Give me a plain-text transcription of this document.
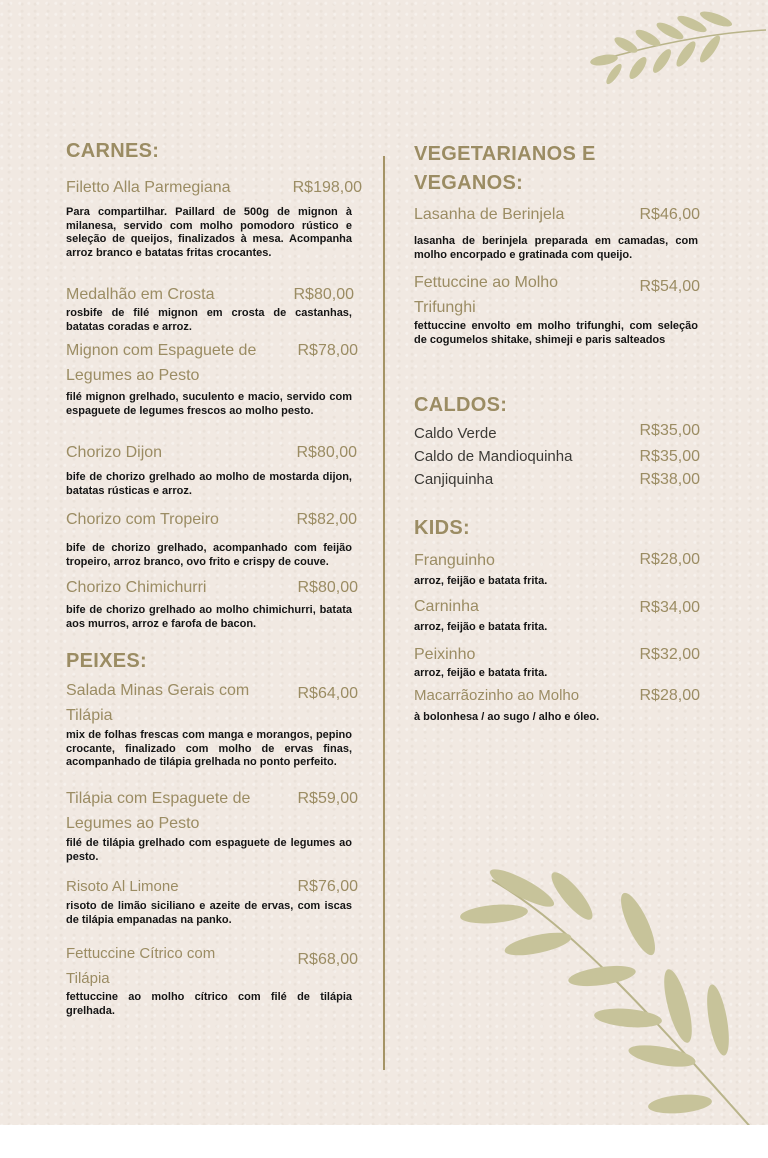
CARNES:
Filetto Alla Parmegiana	R$198,00
Para compartilhar. Paillard de 500g de mignon à milanesa, servido com molho pomodoro rústico e seleção de queijos, finalizados à mesa. Acompanha arroz branco e batatas fritas crocantes.
Medalhão em Crosta	R$80,00
rosbife de filé mignon em crosta de castanhas, batatas coradas e arroz.
Mignon com Espaguete de Legumes ao Pesto
R$78,00
filé mignon grelhado, suculento e macio, servido com espaguete de legumes frescos ao molho pesto.
Chorizo Dijon	R$80,00
bife de chorizo grelhado ao molho de mostarda dijon, batatas rústicas e arroz.
Chorizo com Tropeiro	R$82,00
bife de chorizo grelhado, acompanhado com feijão tropeiro, arroz branco, ovo frito e crispy de couve.
Chorizo Chimichurri	R$80,00
bife de chorizo grelhado ao molho chimichurri, batata aos murros, arroz e farofa de bacon.
PEIXES:
Salada Minas Gerais com Tilápia
R$64,00
mix de folhas frescas com manga e morangos, pepino crocante, finalizado com molho de ervas finas, acompanhado de tilápia grelhada no ponto perfeito.
Tilápia com Espaguete de Legumes ao Pesto
R$59,00
filé de tilápia grelhado com espaguete de legumes ao pesto.
Risoto Al Limone	R$76,00
risoto de limão siciliano e azeite de ervas, com iscas de tilápia empanadas na panko.
Fettuccine Cítrico com Tilápia
R$68,00
fettuccine ao molho cítrico com filé de tilápia grelhada.
VEGETARIANOS E VEGANOS:
Lasanha de Berinjela	R$46,00
lasanha de berinjela preparada em camadas, com molho encorpado e gratinada com queijo.
Fettuccine ao Molho Trifunghi
R$54,00
fettuccine envolto em molho trifunghi, com seleção de cogumelos shitake, shimeji e paris salteados
CALDOS:
Caldo Verde	R$35,00
Caldo de Mandioquinha	R$35,00
Canjiquinha	R$38,00
KIDS:
Franguinho	R$28,00
arroz, feijão e batata frita.
Carninha	R$34,00
arroz, feijão e batata frita.
Peixinho	R$32,00
arroz, feijão e batata frita.
Macarrãozinho ao Molho	R$28,00
à bolonhesa / ao sugo / alho e óleo.
